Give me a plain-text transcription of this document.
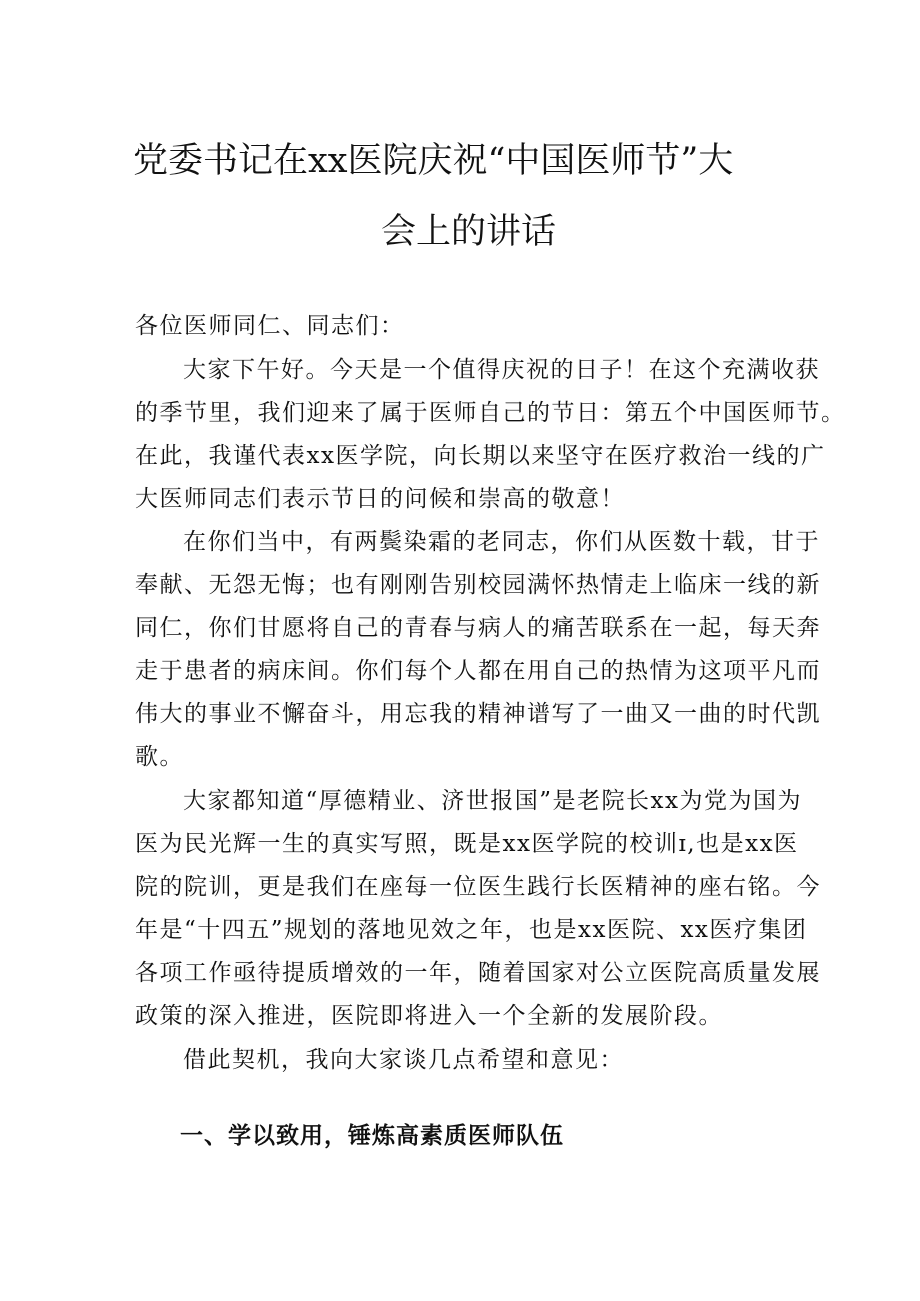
党委书记在xx医院庆祝“中国医师节”大
会上的讲话
各位医师同仁、同志们：
大家下午好。今天是一个值得庆祝的日子！在这个充满收获
的季节里，我们迎来了属于医师自己的节日：第五个中国医师节。
在此，我谨代表xx医学院，向长期以来坚守在医疗救治一线的广
大医师同志们表示节日的问候和崇高的敬意！
在你们当中，有两鬓染霜的老同志，你们从医数十载，甘于
奉献、无怨无悔；也有刚刚告别校园满怀热情走上临床一线的新
同仁，你们甘愿将自己的青春与病人的痛苦联系在一起，每天奔
走于患者的病床间。你们每个人都在用自己的热情为这项平凡而
伟大的事业不懈奋斗，用忘我的精神谱写了一曲又一曲的时代凯
歌。
大家都知道“厚德精业、济世报国”是老院长xx为党为国为
医为民光辉一生的真实写照，既是xx医学院的校训ɪ,也是xx医
院的院训，更是我们在座每一位医生践行长医精神的座右铭。今
年是“十四五”规划的落地见效之年，也是xx医院、xx医疗集团
各项工作亟待提质增效的一年，随着国家对公立医院高质量发展
政策的深入推进，医院即将进入一个全新的发展阶段。
借此契机，我向大家谈几点希望和意见：
一、学以致用，锤炼高素质医师队伍
